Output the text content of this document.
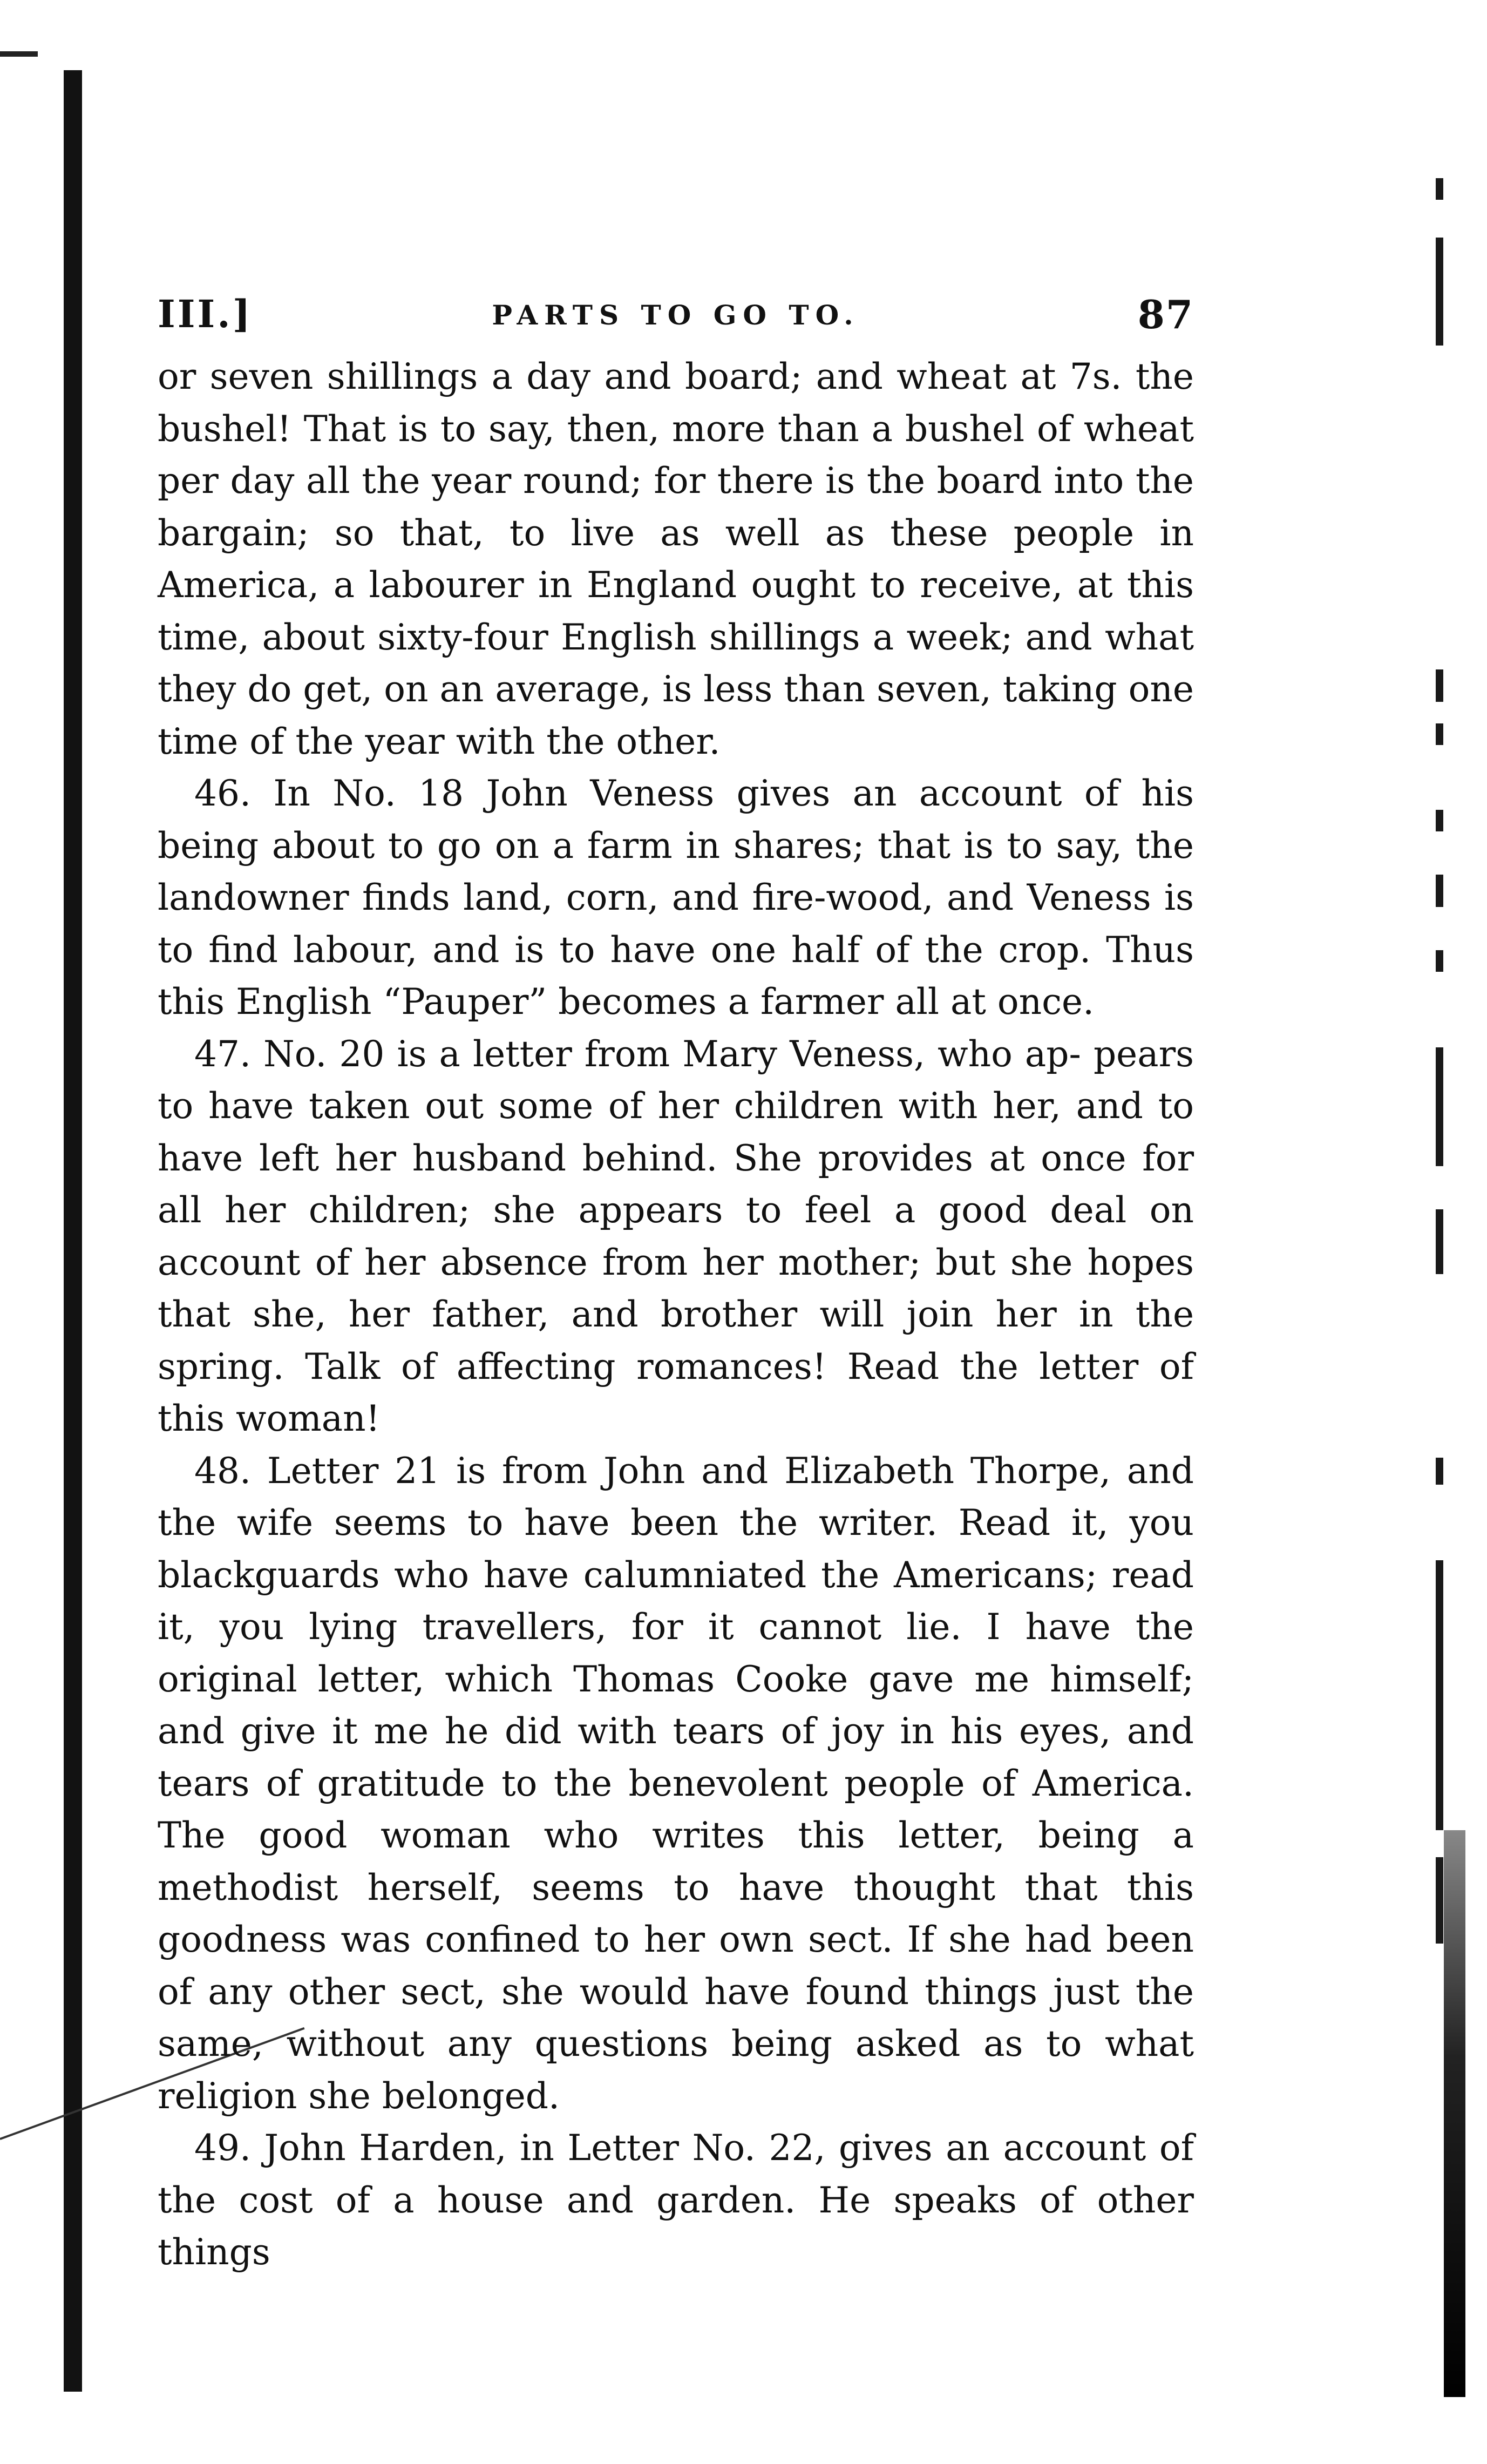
III.]	PARTS TO GO TO.	87

or seven shillings a day and board; and wheat at 7s. the bushel! That is to say, then, more than a bushel of wheat per day all the year round; for there is the board into the bargain; so that, to live as well as these people in America, a labourer in England ought to receive, at this time, about sixty-four English shillings a week; and what they do get, on an average, is less than seven, taking one time of the year with the other.

46. In No. 18 John Veness gives an account of his being about to go on a farm in shares; that is to say, the landowner finds land, corn, and fire-wood, and Veness is to find labour, and is to have one half of the crop. Thus this English “Pauper” becomes a farmer all at once.

47. No. 20 is a letter from Mary Veness, who ap- pears to have taken out some of her children with her, and to have left her husband behind. She provides at once for all her children; she appears to feel a good deal on account of her absence from her mother; but she hopes that she, her father, and brother will join her in the spring. Talk of affecting romances! Read the letter of this woman!

48. Letter 21 is from John and Elizabeth Thorpe, and the wife seems to have been the writer. Read it, you blackguards who have calumniated the Americans; read it, you lying travellers, for it cannot lie. I have the original letter, which Thomas Cooke gave me himself; and give it me he did with tears of joy in his eyes, and tears of gratitude to the benevolent people of America. The good woman who writes this letter, being a methodist herself, seems to have thought that this goodness was confined to her own sect. If she had been of any other sect, she would have found things just the same, without any questions being asked as to what religion she belonged.

49. John Harden, in Letter No. 22, gives an account of the cost of a house and garden. He speaks of other things
